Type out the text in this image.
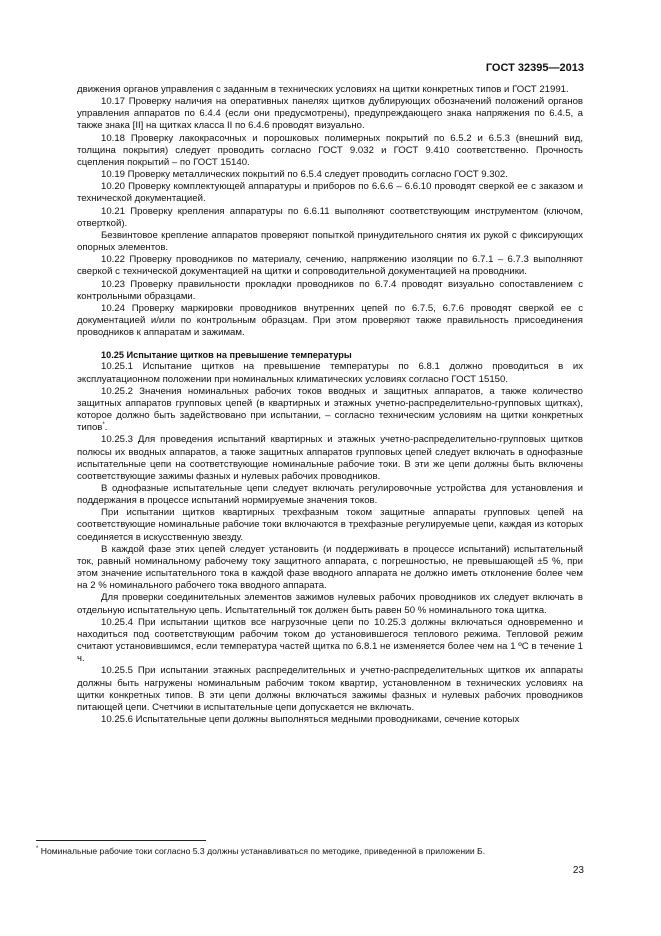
ГОСТ 32395—2013

движения органов управления с заданным в технических условиях на щитки конкретных типов и ГОСТ 21991.

10.17 Проверку наличия на оперативных панелях щитков дублирующих обозначений положений органов управления аппаратов по 6.4.4 (если они предусмотрены), предупреждающего знака напряжения по 6.4.5, а также знака [II] на щитках класса II по 6.4.6 проводят визуально.

10.18 Проверку лакокрасочных и порошковых полимерных покрытий по 6.5.2 и 6.5.3 (внешний вид, толщина покрытия) следует проводить согласно ГОСТ 9.032 и ГОСТ 9.410 соответственно. Прочность сцепления покрытий – по ГОСТ 15140.

10.19 Проверку металлических покрытий по 6.5.4 следует проводить согласно ГОСТ 9.302.

10.20 Проверку комплектующей аппаратуры и приборов по 6.6.6 – 6.6.10 проводят сверкой ее с заказом и технической документацией.

10.21 Проверку крепления аппаратуры по 6.6.11 выполняют соответствующим инструментом (ключом, отверткой).

Безвинтовое крепление аппаратов проверяют попыткой принудительного снятия их рукой с фиксирующих опорных элементов.

10.22 Проверку проводников по материалу, сечению, напряжению изоляции по 6.7.1 – 6.7.3 выполняют сверкой с технической документацией на щитки и сопроводительной документацией на проводники.

10.23 Проверку правильности прокладки проводников по 6.7.4 проводят визуально сопоставлением с контрольными образцами.

10.24 Проверку маркировки проводников внутренних цепей по 6.7.5, 6.7.6 проводят сверкой ее с документацией и/или по контрольным образцам. При этом проверяют также правильность присоединения проводников к аппаратам и зажимам.

10.25 Испытание щитков на превышение температуры

10.25.1 Испытание щитков на превышение температуры по 6.8.1 должно проводиться в их эксплуатационном положении при номинальных климатических условиях согласно ГОСТ 15150.

10.25.2 Значения номинальных рабочих токов вводных и защитных аппаратов, а также количество защитных аппаратов групповых цепей (в квартирных и этажных учетно-распределительно-групповых щитках), которое должно быть задействовано при испытании, – согласно техническим условиям на щитки конкретных типов*.

10.25.3 Для проведения испытаний квартирных и этажных учетно-распределительно-групповых щитков полюсы их вводных аппаратов, а также защитных аппаратов групповых цепей следует включать в однофазные испытательные цепи на соответствующие номинальные рабочие токи. В эти же цепи должны быть включены соответствующие зажимы фазных и нулевых рабочих проводников.

В однофазные испытательные цепи следует включать регулировочные устройства для установления и поддержания в процессе испытаний нормируемые значения токов.

При испытании щитков квартирных трехфазным током защитные аппараты групповых цепей на соответствующие номинальные рабочие токи включаются в трехфазные регулируемые цепи, каждая из которых соединяется в искусственную звезду.

В каждой фазе этих цепей следует установить (и поддерживать в процессе испытаний) испытательный ток, равный номинальному рабочему току защитного аппарата, с погрешностью, не превышающей ±5 %, при этом значение испытательного тока в каждой фазе вводного аппарата не должно иметь отклонение более чем на 2 % номинального рабочего тока вводного аппарата.

Для проверки соединительных элементов зажимов нулевых рабочих проводников их следует включать в отдельную испытательную цепь. Испытательный ток должен быть равен 50 % номинального тока щитка.

10.25.4 При испытании щитков все нагрузочные цепи по 10.25.3 должны включаться одновременно и находиться под соответствующим рабочим током до установившегося теплового режима. Тепловой режим считают установившимся, если температура частей щитка по 6.8.1 не изменяется более чем на 1 ºС в течение 1 ч.

10.25.5 При испытании этажных распределительных и учетно-распределительных щитков их аппараты должны быть нагружены номинальным рабочим током квартир, установленном в технических условиях на щитки конкретных типов. В эти цепи должны включаться зажимы фазных и нулевых рабочих проводников питающей цепи. Счетчики в испытательные цепи допускается не включать.

10.25.6 Испытательные цепи должны выполняться медными проводниками, сечение которых

* Номинальные рабочие токи согласно 5.3 должны устанавливаться по методике, приведенной в приложении Б.
23
